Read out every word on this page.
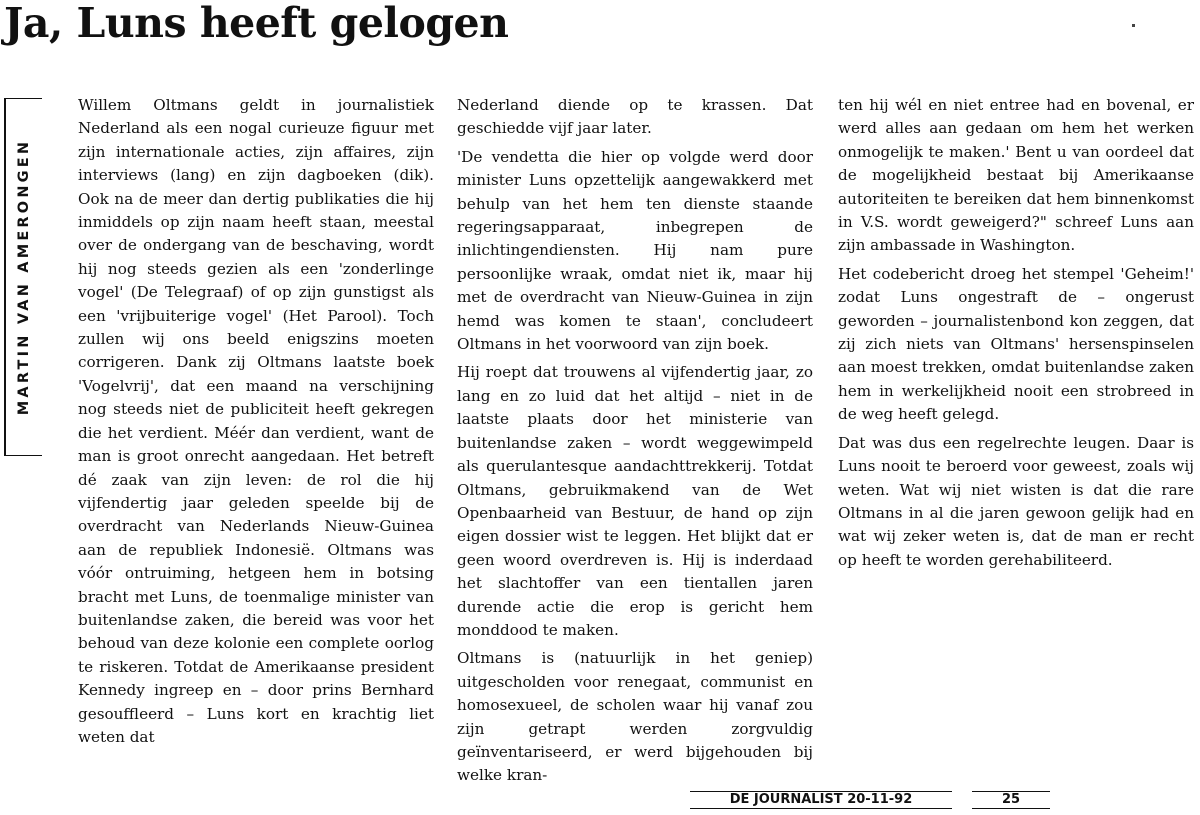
Ja, Luns heeft gelogen
MARTIN VAN AMERONGEN

Willem Oltmans geldt in journalistiek Nederland als een nogal curieuze figuur met zijn internationale acties, zijn affaires, zijn interviews (lang) en zijn dagboeken (dik). Ook na de meer dan dertig publikaties die hij inmiddels op zijn naam heeft staan, meestal over de ondergang van de beschaving, wordt hij nog steeds gezien als een 'zonderlinge vogel' (De Telegraaf) of op zijn gunstigst als een 'vrijbuiterige vogel' (Het Parool). Toch zullen wij ons beeld enigszins moeten corrigeren. Dank zij Oltmans laatste boek 'Vogelvrij', dat een maand na verschijning nog steeds niet de publiciteit heeft gekregen die het verdient. Méér dan verdient, want de man is groot onrecht aangedaan. Het betreft dé zaak van zijn leven: de rol die hij vijfendertig jaar geleden speelde bij de overdracht van Nederlands Nieuw-Guinea aan de republiek Indonesië. Oltmans was vóór ontruiming, hetgeen hem in botsing bracht met Luns, de toenmalige minister van buitenlandse zaken, die bereid was voor het behoud van deze kolonie een complete oorlog te riskeren. Totdat de Amerikaanse president Kennedy ingreep en – door prins Bernhard gesouffleerd – Luns kort en krachtig liet weten dat

Nederland diende op te krassen. Dat geschiedde vijf jaar later.

'De vendetta die hier op volgde werd door minister Luns opzettelijk aangewakkerd met behulp van het hem ten dienste staande regeringsapparaat, inbegrepen de inlichtingendiensten. Hij nam pure persoonlijke wraak, omdat niet ik, maar hij met de overdracht van Nieuw-Guinea in zijn hemd was komen te staan', concludeert Oltmans in het voorwoord van zijn boek.

Hij roept dat trouwens al vijfendertig jaar, zo lang en zo luid dat het altijd – niet in de laatste plaats door het ministerie van buitenlandse zaken – wordt weggewimpeld als querulantesque aandachttrekkerij. Totdat Oltmans, gebruikmakend van de Wet Openbaarheid van Bestuur, de hand op zijn eigen dossier wist te leggen. Het blijkt dat er geen woord overdreven is. Hij is inderdaad het slachtoffer van een tientallen jaren durende actie die erop is gericht hem monddood te maken.

Oltmans is (natuurlijk in het geniep) uitgescholden voor renegaat, communist en homosexueel, de scholen waar hij vanaf zou zijn getrapt werden zorgvuldig geïnventariseerd, er werd bijgehouden bij welke kran-

ten hij wél en niet entree had en bovenal, er werd alles aan gedaan om hem het werken onmogelijk te maken.' Bent u van oordeel dat de mogelijkheid bestaat bij Amerikaanse autoriteiten te bereiken dat hem binnenkomst in V.S. wordt geweigerd?" schreef Luns aan zijn ambassade in Washington.

Het codebericht droeg het stempel 'Geheim!' zodat Luns ongestraft de – ongerust geworden – journalistenbond kon zeggen, dat zij zich niets van Oltmans' hersenspinselen aan moest trekken, omdat buitenlandse zaken hem in werkelijkheid nooit een strobreed in de weg heeft gelegd.

Dat was dus een regelrechte leugen. Daar is Luns nooit te beroerd voor geweest, zoals wij weten. Wat wij niet wisten is dat die rare Oltmans in al die jaren gewoon gelijk had en wat wij zeker weten is, dat de man er recht op heeft te worden gerehabiliteerd.

DE JOURNALIST 20-11-92	25
